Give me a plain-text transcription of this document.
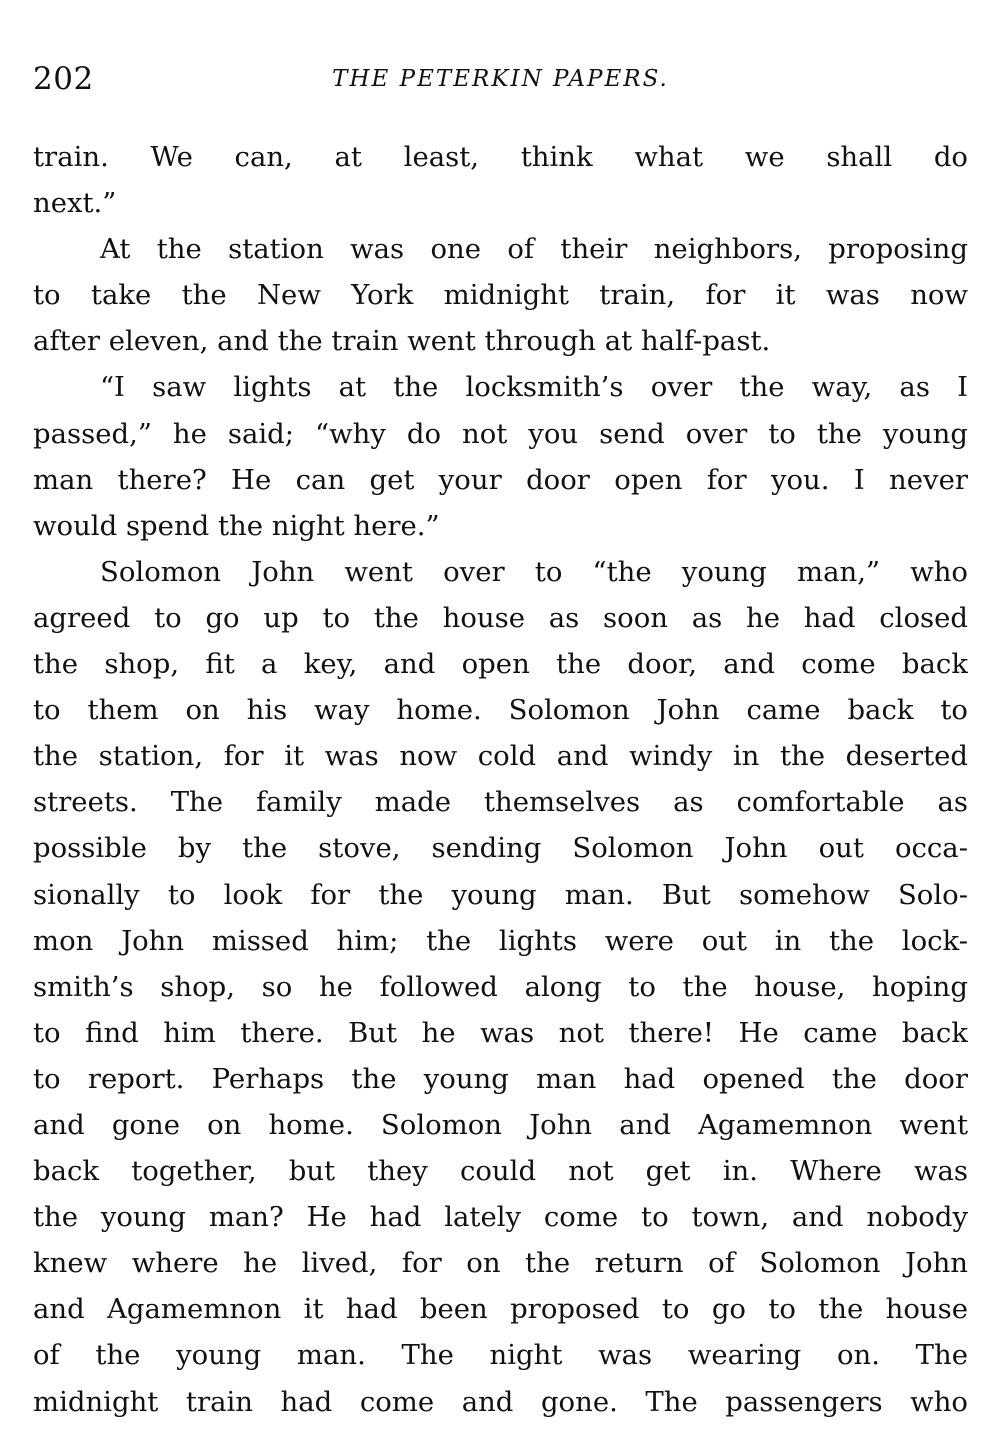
202	THE PETERKIN PAPERS.
train. We can, at least, think what we shall do
next.”
At the station was one of their neighbors, proposing
to take the New York midnight train, for it was now
after eleven, and the train went through at half-past.
“I saw lights at the locksmith’s over the way, as I
passed,” he said; “why do not you send over to the young
man there? He can get your door open for you. I never
would spend the night here.”
Solomon John went over to “the young man,” who
agreed to go up to the house as soon as he had closed
the shop, fit a key, and open the door, and come back
to them on his way home. Solomon John came back to
the station, for it was now cold and windy in the deserted
streets. The family made themselves as comfortable as
possible by the stove, sending Solomon John out occa-
sionally to look for the young man. But somehow Solo-
mon John missed him; the lights were out in the lock-
smith’s shop, so he followed along to the house, hoping
to find him there. But he was not there! He came back
to report. Perhaps the young man had opened the door
and gone on home. Solomon John and Agamemnon went
back together, but they could not get in. Where was
the young man? He had lately come to town, and nobody
knew where he lived, for on the return of Solomon John
and Agamemnon it had been proposed to go to the house
of the young man. The night was wearing on. The
midnight train had come and gone. The passengers who
